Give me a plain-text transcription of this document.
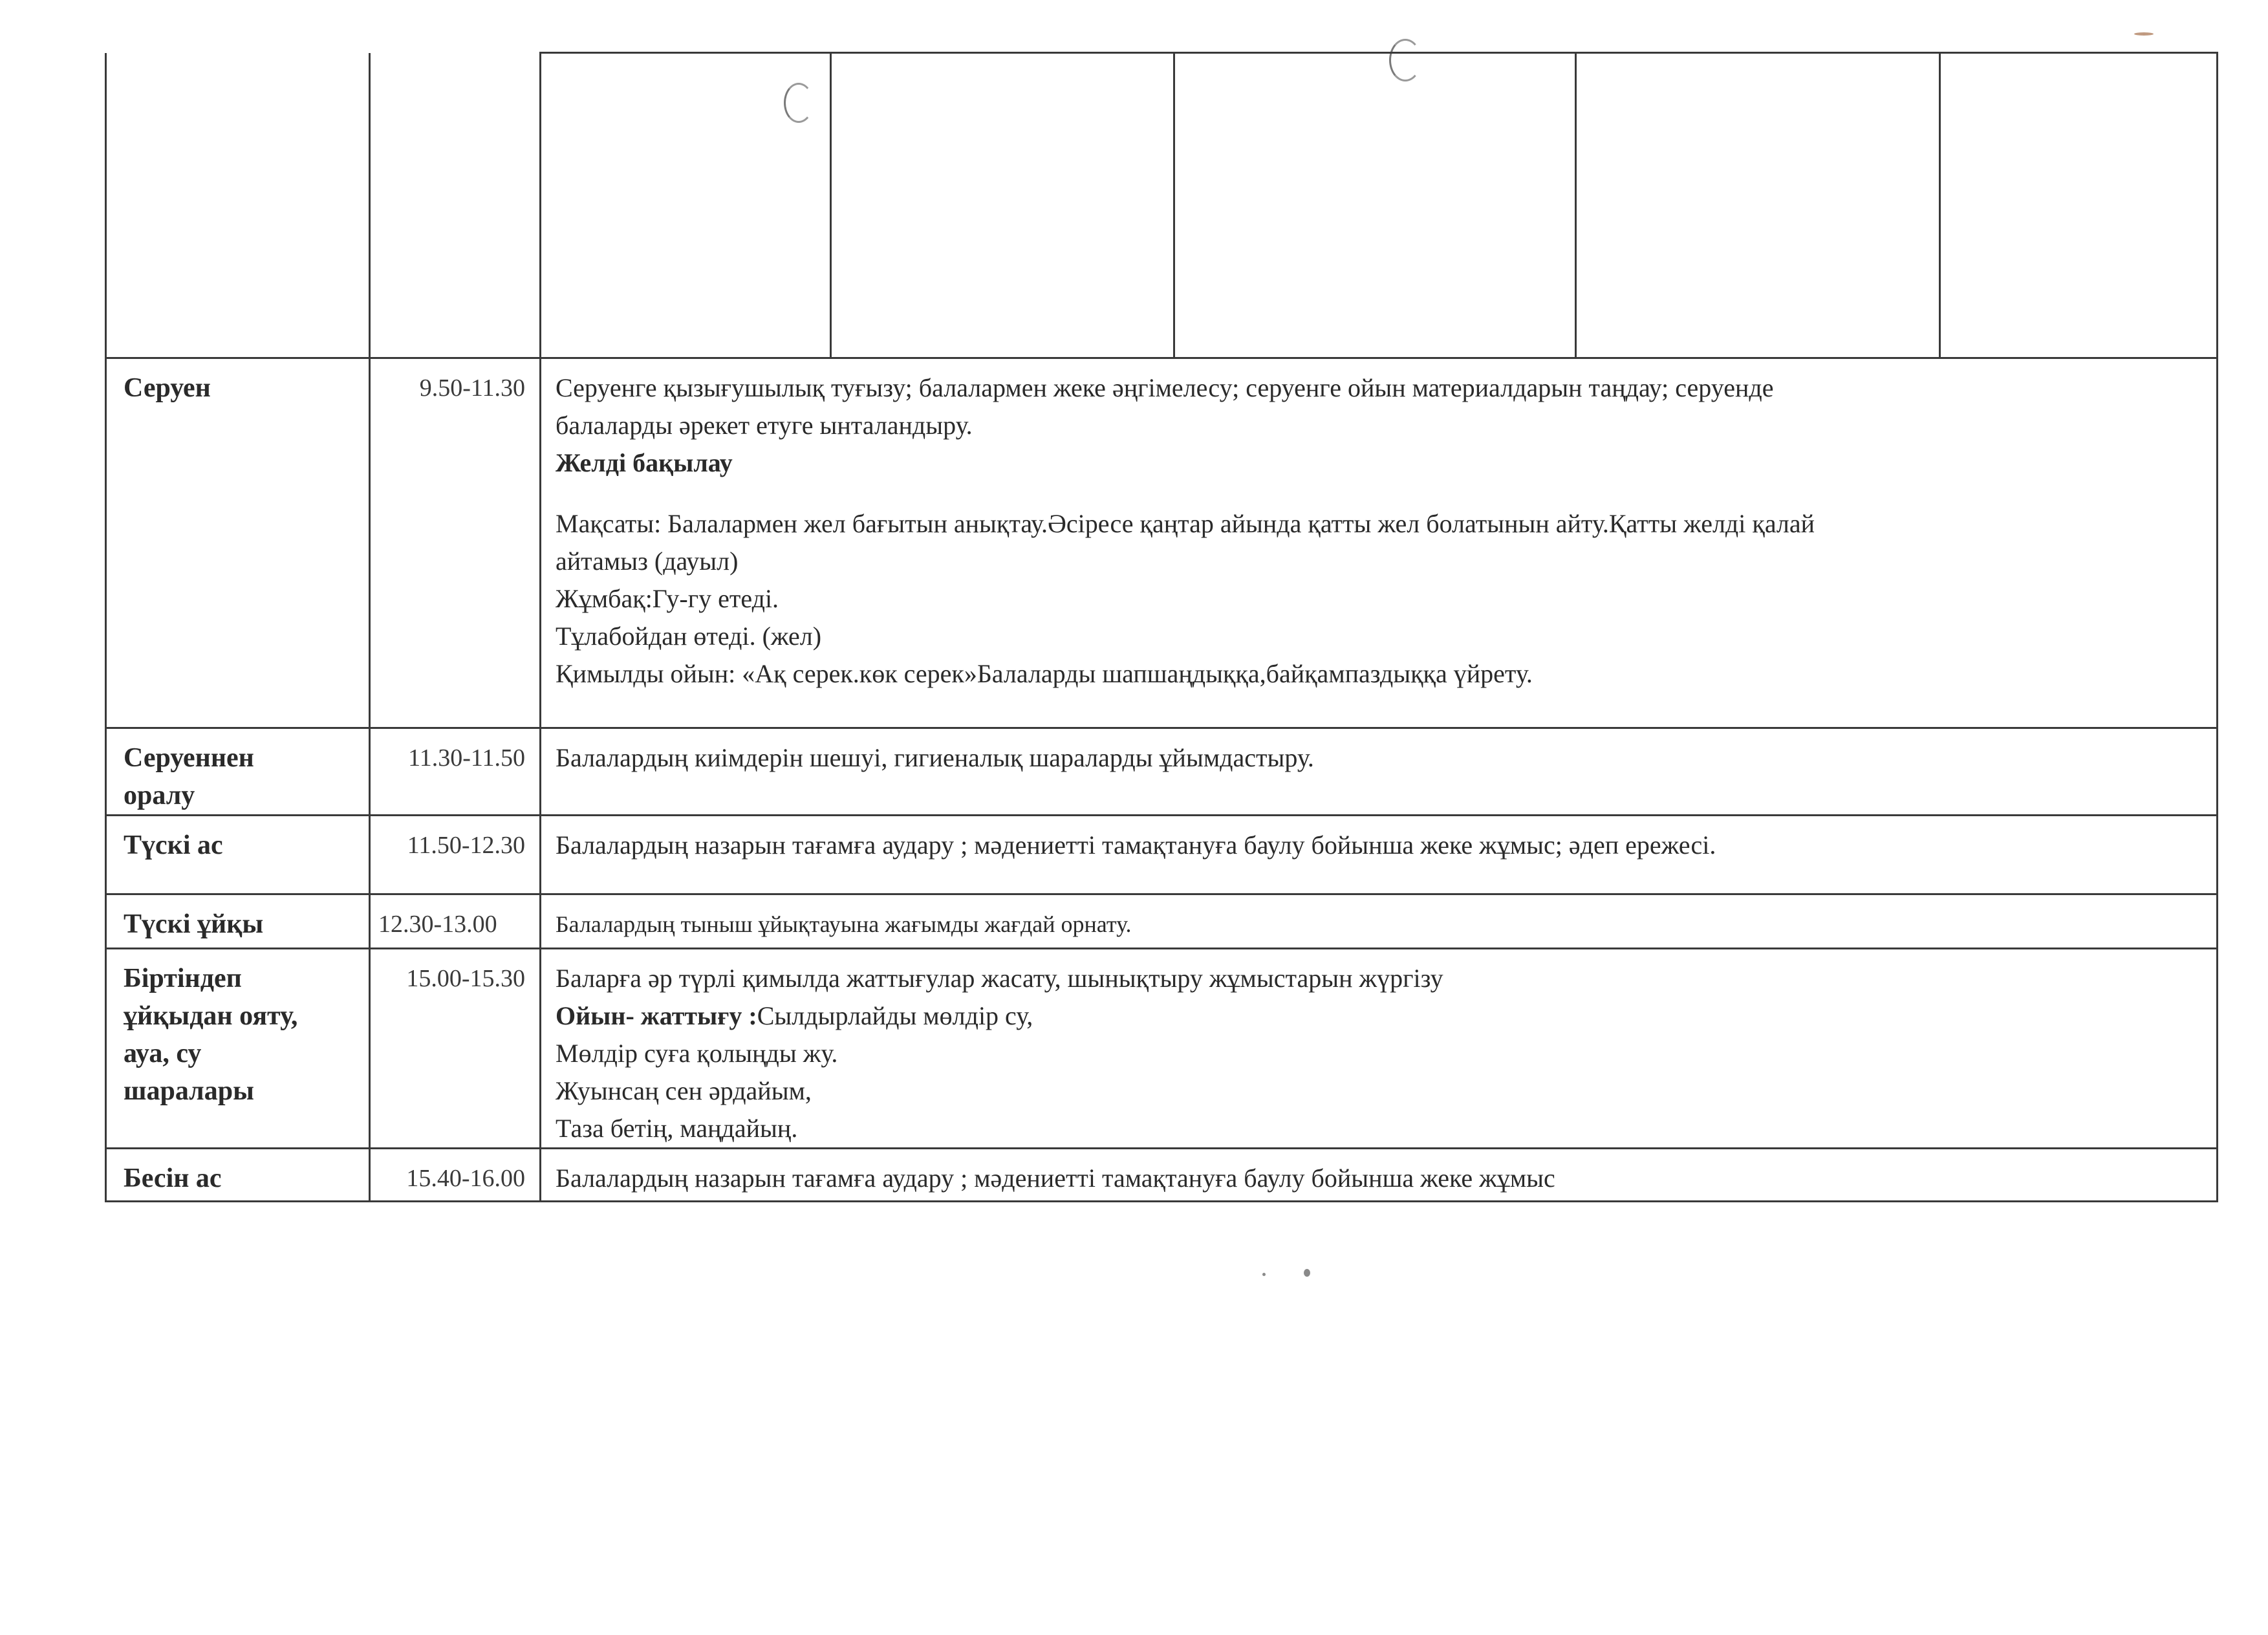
Серуен	9.50-11.30	Серуенге қызығушылық туғызу; балалармен жеке әңгімелесу; серуенге ойын материалдарын таңдау; серуенде
балаларды әрекет етуге ынталандыру.
Желді бақылау
Мақсаты: Балалармен жел бағытын анықтау.Әсіресе қаңтар айында қатты жел болатынын айту.Қатты желді қалай
айтамыз (дауыл)
Жұмбақ:Гу-гу етеді.
Тұлабойдан өтеді. (жел)
Қимылды ойын: «Ақ серек.көк серек»Балаларды шапшаңдыққа,байқампаздыққа үйрету.

Серуеннен
оралу
	11.30-11.50	Балалардың киімдерін шешуі, гигиеналық шараларды ұйымдастыру.

Түскі ас	11.50-12.30	Балалардың назарын тағамға аудару ; мәдениетті тамақтануға баулу бойынша жеке жұмыс; әдеп ережесі.

Түскі ұйқы	12.30-13.00	Балалардың тыныш ұйықтауына жағымды жағдай орнату.

Біртіндеп
ұйқыдан ояту,
ауа, су
шаралары
	15.00-15.30	Баларға әр түрлі қимылда жаттығулар жасату, шынықтыру жұмыстарын жүргізу
Ойын- жаттығу :Сылдырлайды мөлдір су,
Мөлдір суға қолыңды жу.
Жуынсаң сен әрдайым,
Таза бетің, маңдайың.

Бесін ас	15.40-16.00	Балалардың назарын тағамға аудару ; мәдениетті тамақтануға баулу бойынша жеке жұмыс
